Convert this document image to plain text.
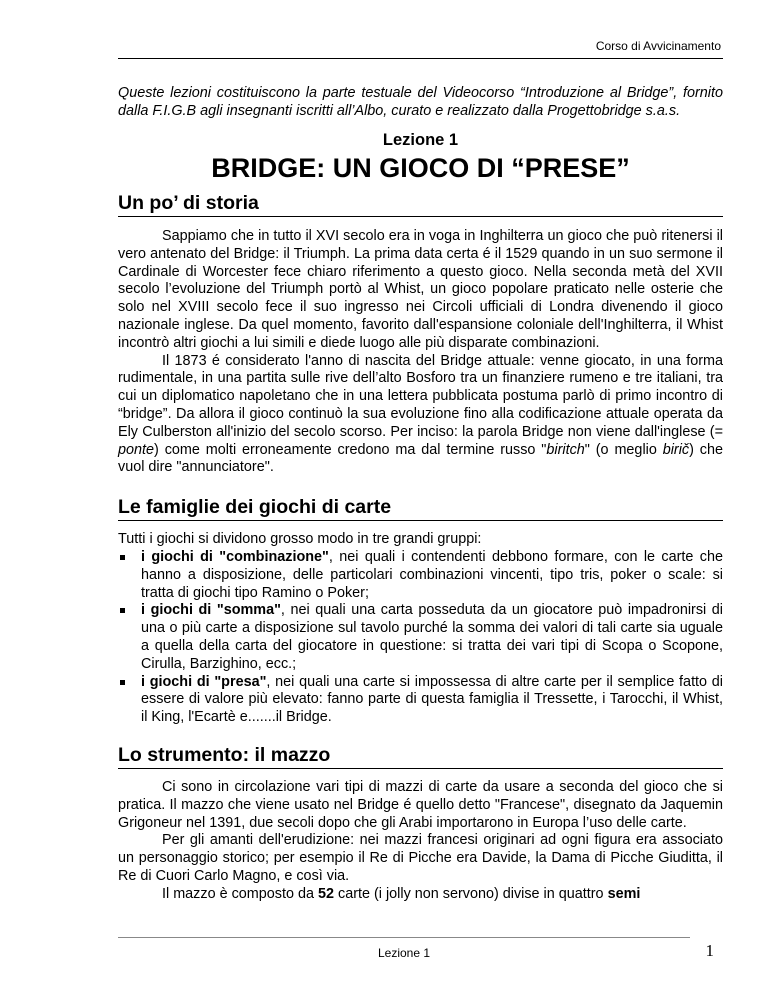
Corso di Avvicinamento

Queste lezioni costituiscono la parte testuale del Videocorso “Introduzione al Bridge”, fornito dalla F.I.G.B agli insegnanti iscritti all’Albo, curato e realizzato dalla Progettobridge s.a.s.

Lezione 1
BRIDGE: UN GIOCO DI “PRESE”
Un po’ di storia

Sappiamo che in tutto il XVI secolo era in voga in Inghilterra un gioco che può ritenersi il vero antenato del Bridge: il Triumph. La prima data certa é il 1529 quando in un suo sermone il Cardinale di Worcester fece chiaro riferimento a questo gioco. Nella seconda metà del XVII secolo l’evoluzione del Triumph portò al Whist, un gioco popolare praticato nelle osterie che solo nel XVIII secolo fece il suo ingresso nei Circoli ufficiali di Londra divenendo il gioco nazionale inglese. Da quel momento, favorito dall'espansione coloniale dell'Inghilterra, il Whist incontrò altri giochi a lui simili e diede luogo alle più disparate combinazioni.

Il 1873 é considerato l'anno di nascita del Bridge attuale: venne giocato, in una forma rudimentale, in una partita sulle rive dell’alto Bosforo tra un finanziere rumeno e tre italiani, tra cui un diplomatico napoletano che in una lettera pubblicata postuma parlò di primo incontro di “bridge”. Da allora il gioco continuò la sua evoluzione fino alla codificazione attuale operata da Ely Culberston all'inizio del secolo scorso. Per inciso: la parola Bridge non viene dall'inglese (= ponte) come molti erroneamente credono ma dal termine russo "biritch" (o meglio birič) che vuol dire "annunciatore".

Le famiglie dei giochi di carte

Tutti i giochi si dividono grosso modo in tre grandi gruppi:

i giochi di "combinazione", nei quali i contendenti debbono formare, con le carte che hanno a disposizione, delle particolari combinazioni vincenti, tipo tris, poker o scale: si tratta di giochi tipo Ramino o Poker;
i giochi di "somma", nei quali una carta posseduta da un giocatore può impadronirsi di una o più carte a disposizione sul tavolo purché la somma dei valori di tali carte sia uguale a quella della carta del giocatore in questione: si tratta dei vari tipi di Scopa o Scopone, Cirulla, Barzighino, ecc.;
i giochi di "presa", nei quali una carte si impossessa di altre carte per il semplice fatto di essere di valore più elevato: fanno parte di questa famiglia il Tressette, i Tarocchi, il Whist, il King, l'Ecartè e.......il Bridge.
Lo strumento: il mazzo

Ci sono in circolazione vari tipi di mazzi di carte da usare a seconda del gioco che si pratica. Il mazzo che viene usato nel Bridge é quello detto "Francese", disegnato da Jaquemin Grigoneur nel 1391, due secoli dopo che gli Arabi importarono in Europa l’uso delle carte.

Per gli amanti dell'erudizione: nei mazzi francesi originari ad ogni figura era associato un personaggio storico; per esempio il Re di Picche era Davide, la Dama di Picche Giuditta, il Re di Cuori Carlo Magno, e così via.

Il mazzo è composto da 52 carte (i jolly non servono) divise in quattro semi

Lezione 1	1
